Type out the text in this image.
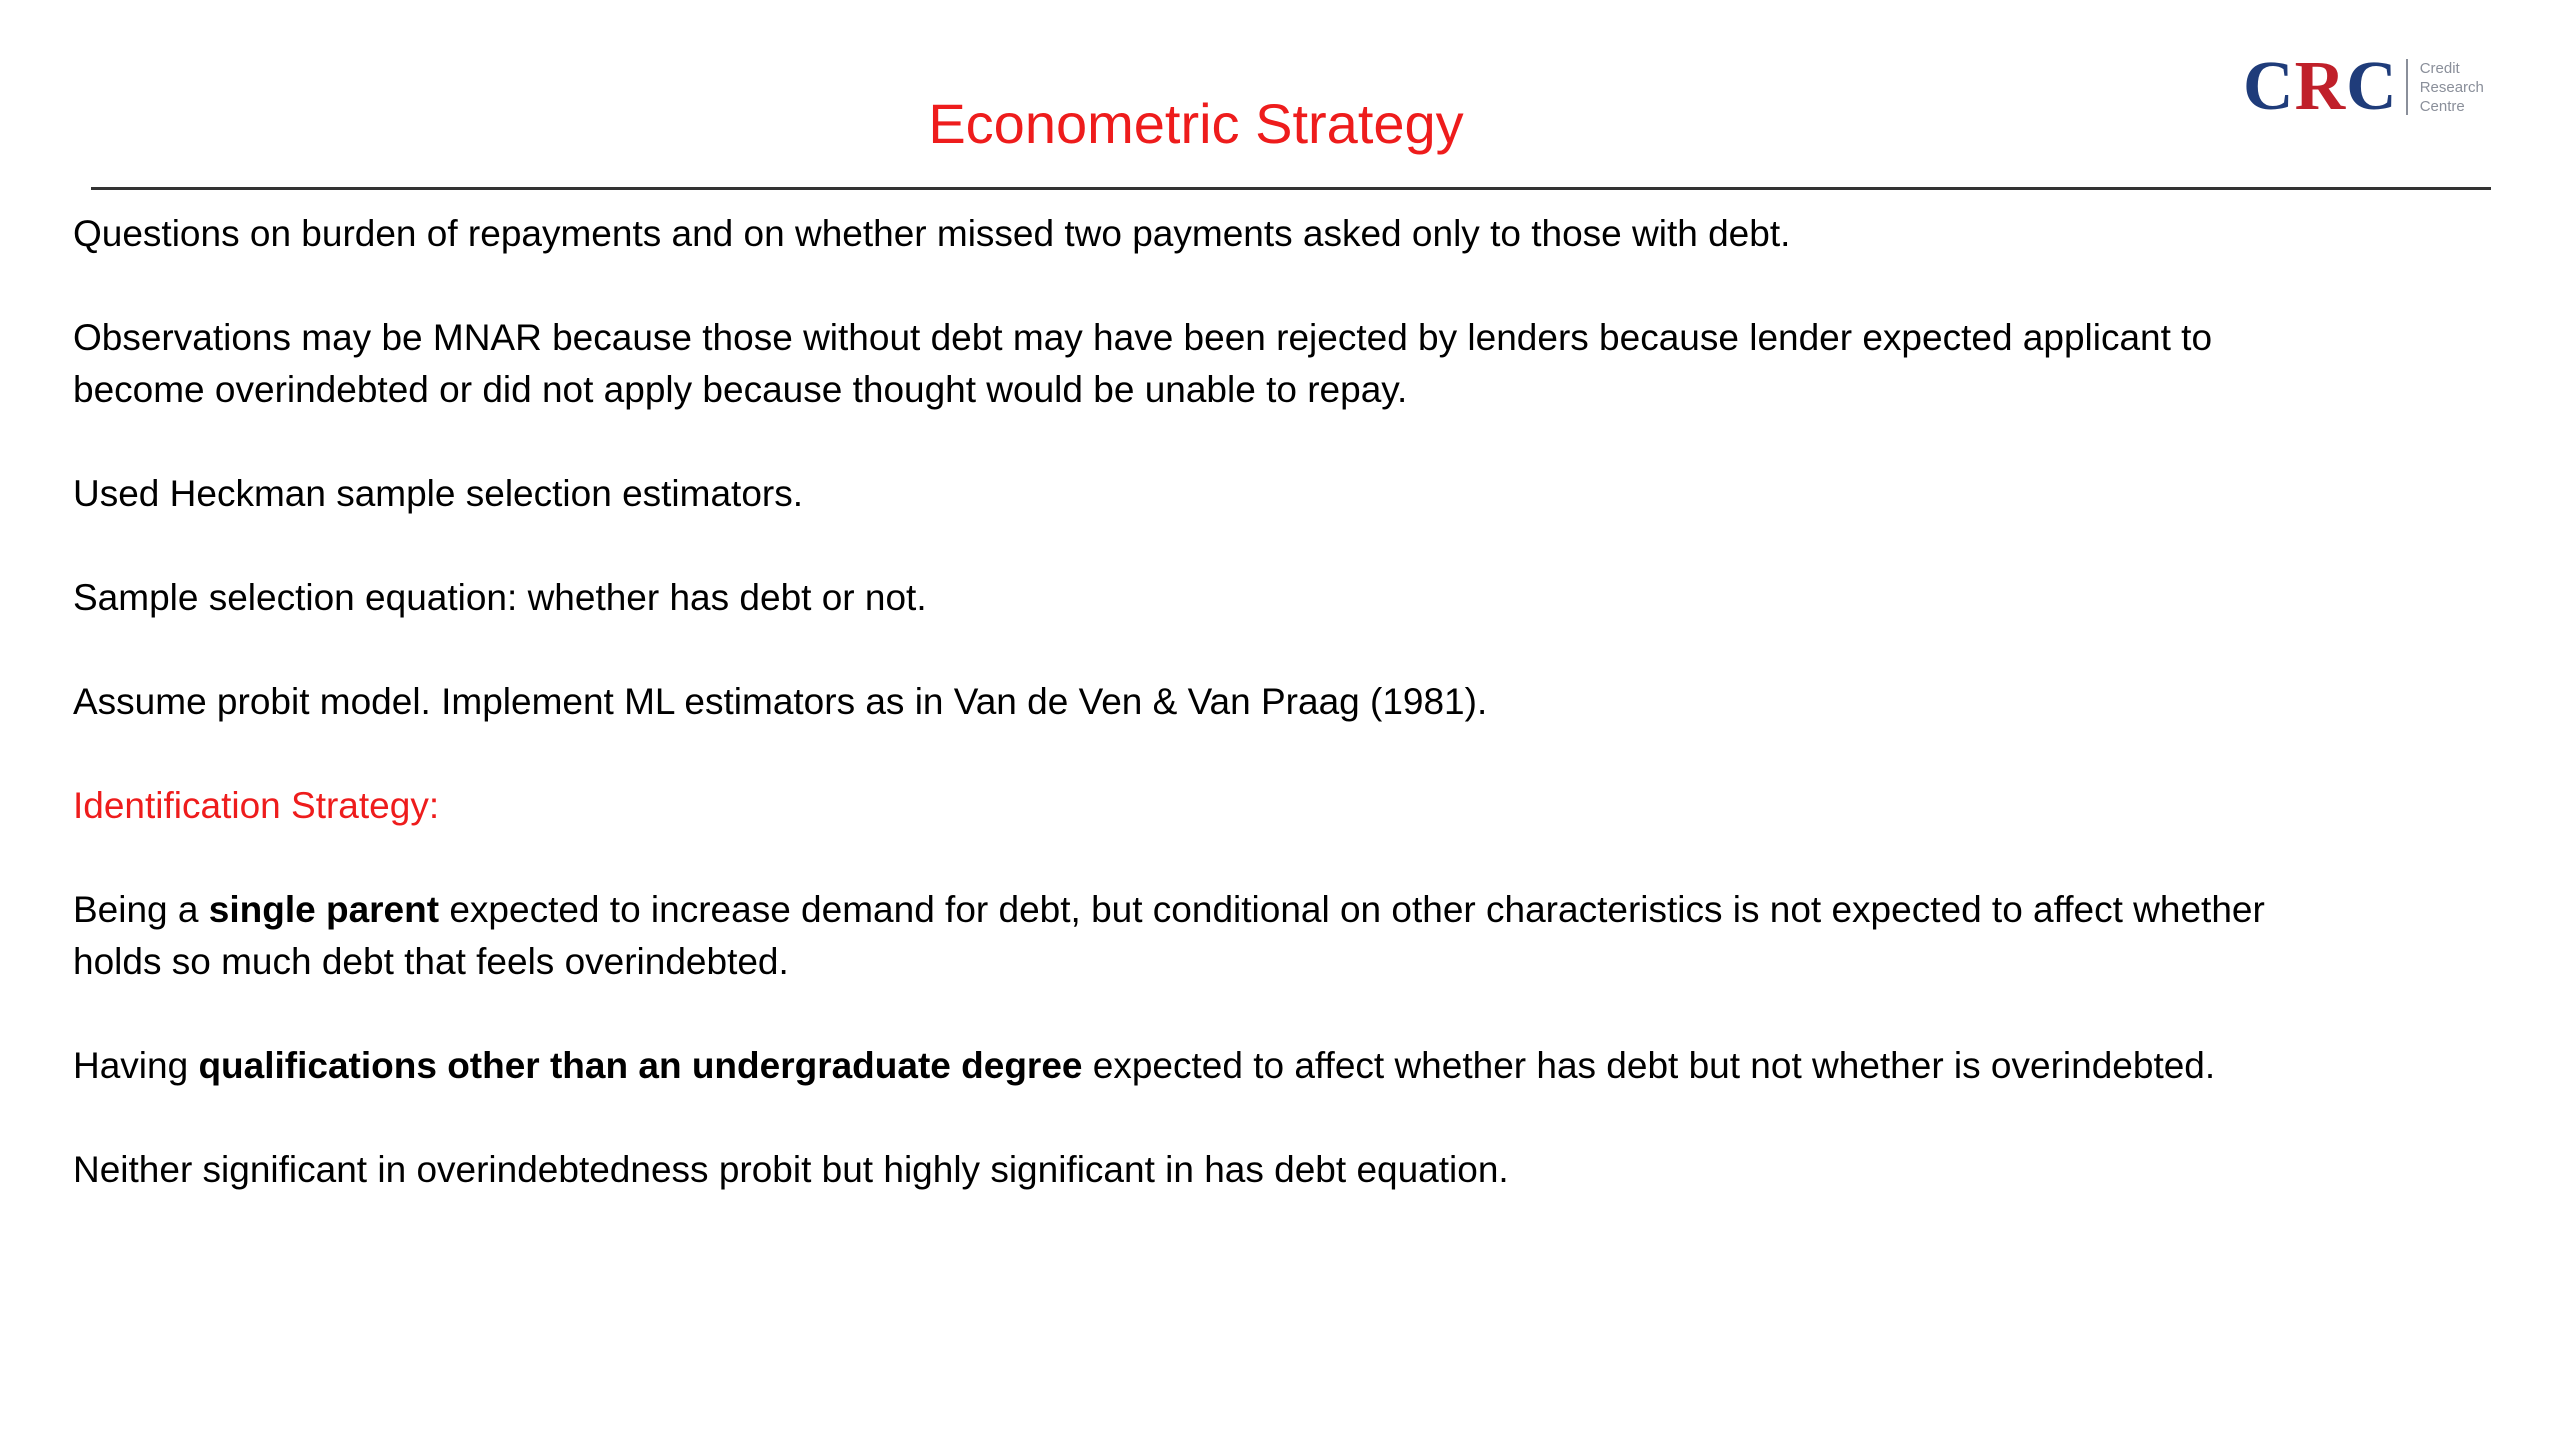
Econometric Strategy	CRC Credit
Research
Centre

Questions on burden of repayments and on whether missed two payments asked only to those with debt.

Observations may be MNAR because those without debt may have been rejected by lenders because lender expected applicant to
become overindebted or did not apply because thought would be unable to repay.

Used Heckman sample selection estimators.

Sample selection equation: whether has debt or not.

Assume probit model. Implement ML estimators as in Van de Ven & Van Praag (1981).

Identification Strategy:

Being a single parent expected to increase demand for debt, but conditional on other characteristics is not expected to affect whether
holds so much debt that feels overindebted.

Having qualifications other than an undergraduate degree expected to affect whether has debt but not whether is overindebted.

Neither significant in overindebtedness probit but highly significant in has debt equation.
